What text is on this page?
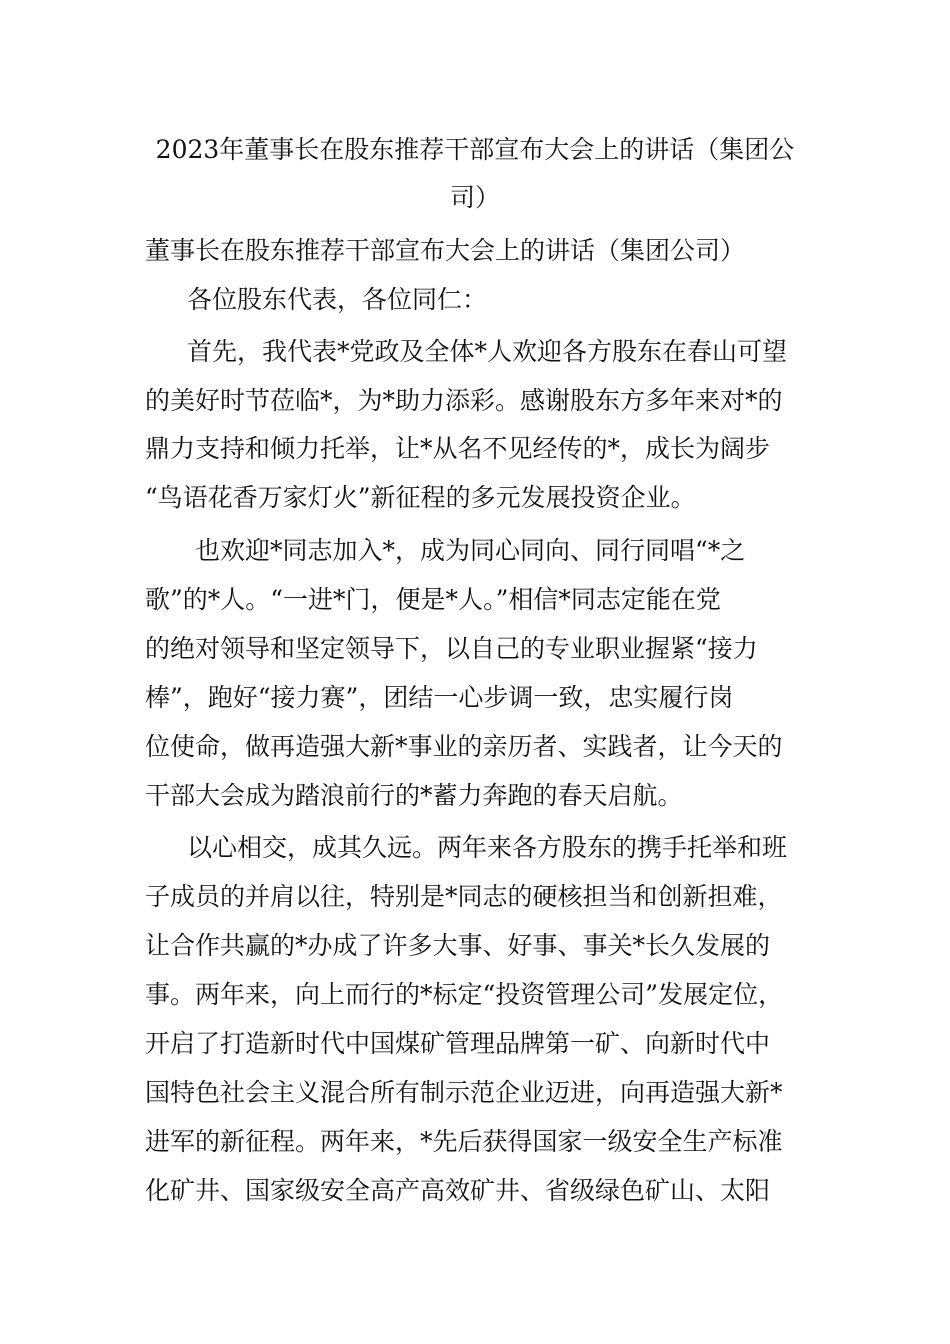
2023年董事长在股东推荐干部宣布大会上的讲话（集团公
司）
董事长在股东推荐干部宣布大会上的讲话（集团公司）
各位股东代表，各位同仁：
首先，我代表*党政及全体*人欢迎各方股东在春山可望
的美好时节莅临*，为*助力添彩。感谢股东方多年来对*的
鼎力支持和倾力托举，让*从名不见经传的*，成长为阔步
“鸟语花香万家灯火”新征程的多元发展投资企业。
也欢迎*同志加入*，成为同心同向、同行同唱“*之
歌”的*人。“一进*门，便是*人。”相信*同志定能在党
的绝对领导和坚定领导下，以自己的专业职业握紧“接力
棒”，跑好“接力赛”，团结一心步调一致，忠实履行岗
位使命，做再造强大新*事业的亲历者、实践者，让今天的
干部大会成为踏浪前行的*蓄力奔跑的春天启航。
以心相交，成其久远。两年来各方股东的携手托举和班
子成员的并肩以往，特别是*同志的硬核担当和创新担难，
让合作共赢的*办成了许多大事、好事、事关*长久发展的
事。两年来，向上而行的*标定“投资管理公司”发展定位，
开启了打造新时代中国煤矿管理品牌第一矿、向新时代中
国特色社会主义混合所有制示范企业迈进，向再造强大新*
进军的新征程。两年来，*先后获得国家一级安全生产标准
化矿井、国家级安全高产高效矿井、省级绿色矿山、太阳
